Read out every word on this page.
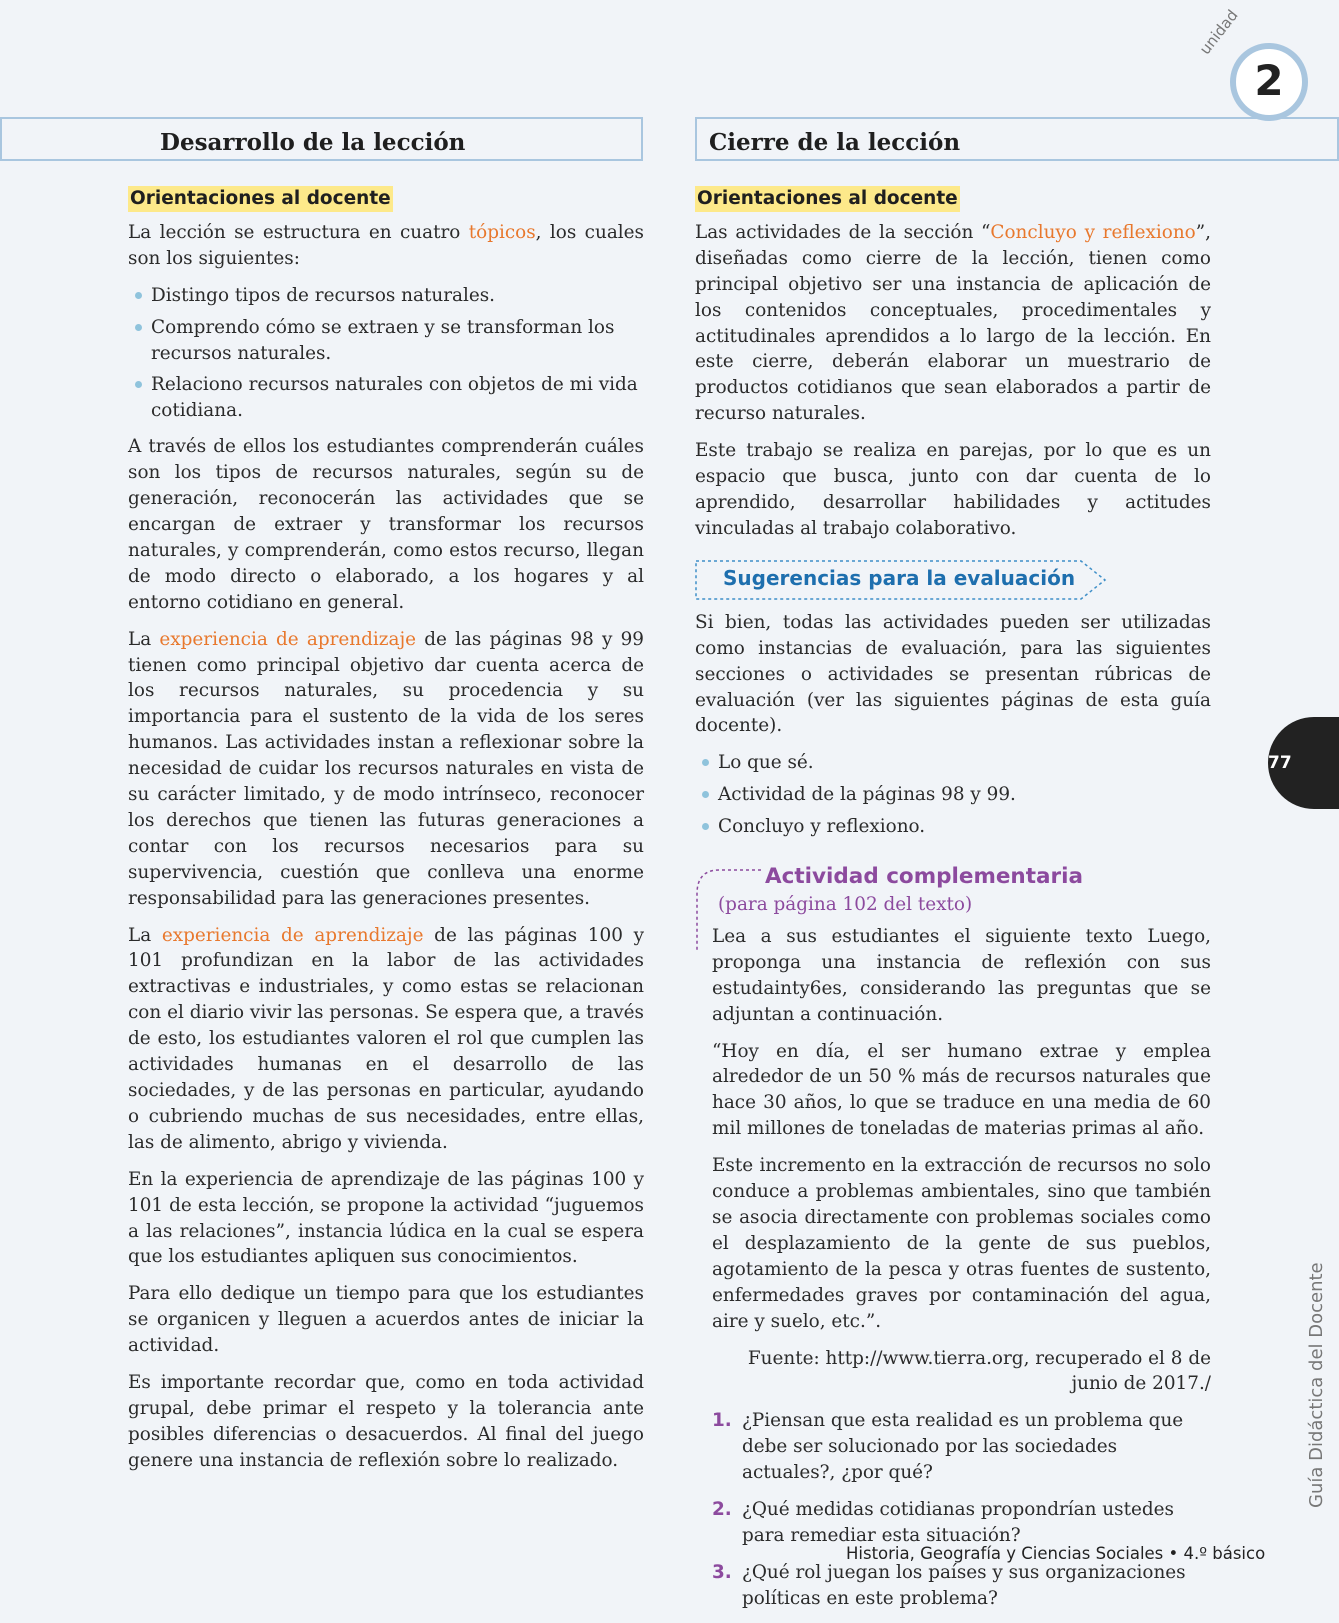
Desarrollo de la lección	Cierre de la lección
unidad
2
Orientaciones al docente

La lección se estructura en cuatro tópicos, los cuales son los siguientes:

Distingo tipos de recursos naturales.
Comprendo cómo se extraen y se transforman los recursos naturales.
Relaciono recursos naturales con objetos de mi vida cotidiana.

A través de ellos los estudiantes comprenderán cuáles son los tipos de recursos naturales, según su de generación, reconocerán las actividades que se encargan de extraer y transformar los recursos naturales, y comprenderán, como estos recurso, llegan de modo directo o elaborado, a los hogares y al entorno cotidiano en general.

La experiencia de aprendizaje de las páginas 98 y 99 tienen como principal objetivo dar cuenta acerca de los recursos naturales, su procedencia y su importancia para el sustento de la vida de los seres humanos. Las actividades instan a reflexionar sobre la necesidad de cuidar los recursos naturales en vista de su carácter limitado, y de modo intrínseco, reconocer los derechos que tienen las futuras generaciones a contar con los recursos necesarios para su supervivencia, cuestión que conlleva una enorme responsabilidad para las generaciones presentes.

La experiencia de aprendizaje de las páginas 100 y 101 profundizan en la labor de las actividades extractivas e industriales, y como estas se relacionan con el diario vivir las personas. Se espera que, a través de esto, los estudiantes valoren el rol que cumplen las actividades humanas en el desarrollo de las sociedades, y de las personas en particular, ayudando o cubriendo muchas de sus necesidades, entre ellas, las de alimento, abrigo y vivienda.

En la experiencia de aprendizaje de las páginas 100 y 101 de esta lección, se propone la actividad “juguemos a las relaciones”, instancia lúdica en la cual se espera que los estudiantes apliquen sus conocimientos.

Para ello dedique un tiempo para que los estudiantes se organicen y lleguen a acuerdos antes de iniciar la actividad.

Es importante recordar que, como en toda actividad grupal, debe primar el respeto y la tolerancia ante posibles diferencias o desacuerdos. Al final del juego genere una instancia de reflexión sobre lo realizado.

Orientaciones al docente

Las actividades de la sección “Concluyo y reflexiono”, diseñadas como cierre de la lección, tienen como principal objetivo ser una instancia de aplicación de los contenidos conceptuales, procedimentales y actitudinales aprendidos a lo largo de la lección. En este cierre, deberán elaborar un muestrario de productos cotidianos que sean elaborados a partir de recurso naturales.

Este trabajo se realiza en parejas, por lo que es un espacio que busca, junto con dar cuenta de lo aprendido, desarrollar habilidades y actitudes vinculadas al trabajo colaborativo.

Sugerencias para la evaluación

Si bien, todas las actividades pueden ser utilizadas como instancias de evaluación, para las siguientes secciones o actividades se presentan rúbricas de evaluación (ver las siguientes páginas de esta guía docente).

Lo que sé.
Actividad de la páginas 98 y 99.
Concluyo y reflexiono.
Actividad complementaria
(para página 102 del texto)

Lea a sus estudiantes el siguiente texto Luego, proponga una instancia de reflexión con sus estudainty6es, considerando las preguntas que se adjuntan a continuación.

“Hoy en día, el ser humano extrae y emplea alrededor de un 50 % más de recursos naturales que hace 30 años, lo que se traduce en una media de 60 mil millones de toneladas de materias primas al año.

Este incremento en la extracción de recursos no solo conduce a problemas ambientales, sino que también se asocia directamente con problemas sociales como el desplazamiento de la gente de sus pueblos, agotamiento de la pesca y otras fuentes de sustento, enfermedades graves por contaminación del agua, aire y suelo, etc.”.

Fuente: http://www.tierra.org, recuperado el 8 de junio de 2017./

1. ¿Piensan que esta realidad es un problema que debe ser solucionado por las sociedades actuales?, ¿por qué?
2. ¿Qué medidas cotidianas propondrían ustedes para remediar esta situación?
3. ¿Qué rol juegan los países y sus organizaciones políticas en este problema?
77
Guía Didáctica del Docente
Historia, Geografía y Ciencias Sociales • 4.º básico
